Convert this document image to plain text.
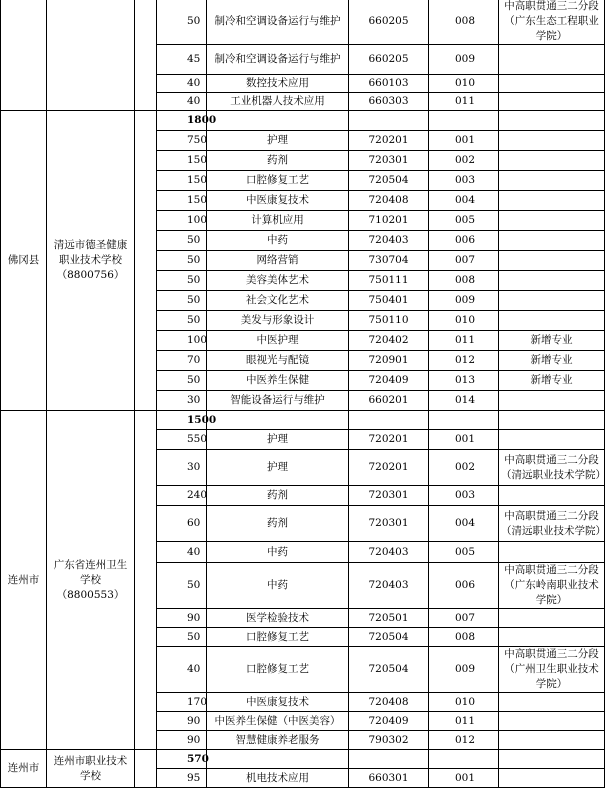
			50	制冷和空调设备运行与维护	660205	008	中高职贯通三二分段（广东生态工程职业学院）
			45	制冷和空调设备运行与维护	660205	009	
			40	数控技术应用	660103	010	
			40	工业机器人技术应用	660303	011	
佛冈县	清远市德圣健康职业技术学校（8800756）		1800				
			750	护理	720201	001	
			150	药剂	720301	002	
			150	口腔修复工艺	720504	003	
			150	中医康复技术	720408	004	
			100	计算机应用	710201	005	
			50	中药	720403	006	
			50	网络营销	730704	007	
			50	美容美体艺术	750111	008	
			50	社会文化艺术	750401	009	
			50	美发与形象设计	750110	010	
			100	中医护理	720402	011	新增专业
			70	眼视光与配镜	720901	012	新增专业
			50	中医养生保健	720409	013	新增专业
			30	智能设备运行与维护	660201	014	
连州市	广东省连州卫生学校（8800553）		1500				
			550	护理	720201	001	
			30	护理	720201	002	中高职贯通三二分段（清远职业技术学院）
			240	药剂	720301	003	
			60	药剂	720301	004	中高职贯通三二分段（清远职业技术学院）
			40	中药	720403	005	
			50	中药	720403	006	中高职贯通三二分段（广东岭南职业技术学院）
			90	医学检验技术	720501	007	
			50	口腔修复工艺	720504	008	
			40	口腔修复工艺	720504	009	中高职贯通三二分段（广州卫生职业技术学院）
			170	中医康复技术	720408	010	
			90	中医养生保健（中医美容）	720409	011	
			90	智慧健康养老服务	790302	012	
连州市	连州市职业技术学校		570				
			95	机电技术应用	660301	001	
